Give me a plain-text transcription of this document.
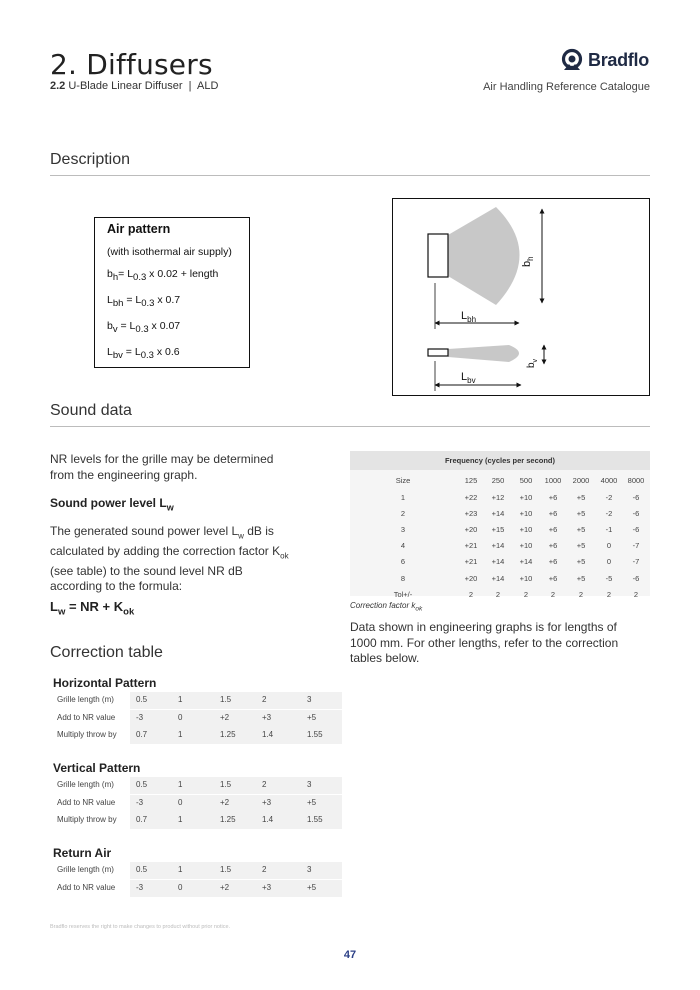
2. Diffusers
2.2 U-Blade Linear Diffuser | ALD
Bradflo
Air Handling Reference Catalogue
Description
Air pattern
(with isothermal air supply)
$b_h= L_{0.3}$ x 0.02 + length
$L_{bh} = L_{0.3}$ x 0.7
$b_v = L_{0.3}$ x 0.07
$L_{bv} = L_{0.3}$ x 0.6
$b_h$
$L_{bh}$
$b_v$
$L_{bv}$
Sound data
NR levels for the grille may be determined from the engineering graph.
Sound power level $L_w$
The generated sound power level $L_w$ dB is calculated by adding the correction factor $K_{ok}$ (see table) to the sound level NR dB according to the formula:
$L_w$ = NR + $K_{ok}$
Frequency (cycles per second)
Size	125	250	500	1000	2000	4000	8000
1	+22	+12	+10	+6	+5	-2	-6
2	+23	+14	+10	+6	+5	-2	-6
3	+20	+15	+10	+6	+5	-1	-6
4	+21	+14	+10	+6	+5	0	-7
6	+21	+14	+14	+6	+5	0	-7
8	+20	+14	+10	+6	+5	-5	-6
Tol+/-	2	2	2	2	2	2	2
Correction factor $k_{ok}$
Data shown in engineering graphs is for lengths of 1000 mm. For other lengths, refer to the correction tables below.
Correction table
Horizontal Pattern
Grille length (m)	0.5	1	1.5	2	3
Add to NR value	-3	0	+2	+3	+5
Multiply throw by 0.7	1	1.25	1.4	1.55
Vertical Pattern
Grille length (m)	0.5	1	1.5	2	3
Add to NR value	-3	0	+2	+3	+5
Multiply throw by 0.7	1	1.25	1.4	1.55
Return Air
Grille length (m)	0.5	1	1.5	2	3
Add to NR value	-3	0	+2	+3	+5
Bradflo reserves the right to make changes to product without prior notice.
47
